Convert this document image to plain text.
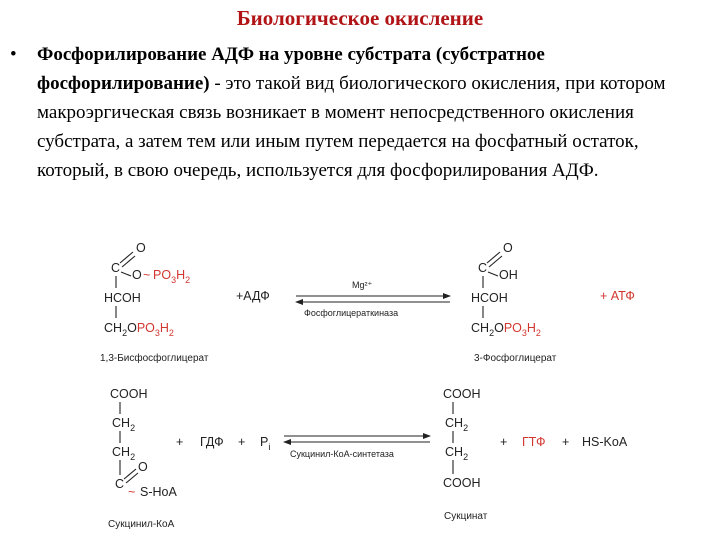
Биологическое окисление
• Фосфорилирование АДФ на уровне субстрата (субстратное фосфорилирование) - это такой вид биологического окисления, при котором макроэргическая связь возникает в момент непосредственного окисления субстрата, а затем тем или иным путем передается на фосфатный остаток, который, в свою очередь, используется для фосфорилирования АДФ.

C
O
O ~ $PO_3^H_2$
HCOH
$CH_2^OPO_3^H_2$
1,3-Бисфосфоглицерат
+АДФ
Mg²⁺
Фосфоглицераткиназа
C
O
OH
HCOH
$CH_2^OPO_3^H_2$
3-Фосфоглицерат
+ АТФ
COOH
$CH_2$
$CH_2$
C
O
~ S-HoA
Сукцинил-КоА
+ ГДФ + $P_i$
Сукцинил-КоА-синтетаза
COOH
$CH_2$
$CH_2$
COOH
Сукцинат
+ ГТФ + HS-KoA
